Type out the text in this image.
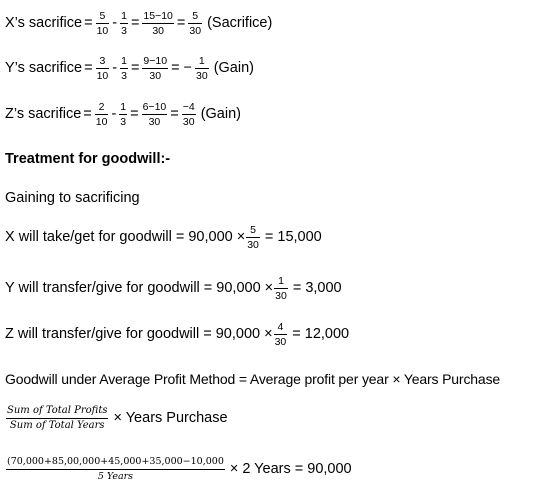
X’s sacrifice = $\frac{5}{10} - \frac{1}{3} = \frac{15-10}{30} = \frac{5}{30}$ (Sacrifice)
Y’s sacrifice = $\frac{3}{10} - \frac{1}{3} = \frac{9-10}{30}$ = − $\frac{1}{30}$ (Gain)
Z’s sacrifice = $\frac{2}{10} - \frac{1}{3} = \frac{6-10}{30} = \frac{-4}{30}$ (Gain)
Treatment for goodwill:-
Gaining to sacrificing
X will take/get for goodwill = $90,000 \times \frac{5}{30} = 15,000$
Y will transfer/give for goodwill = $90,000 \times \frac{1}{30} = 3,000$
Z will transfer/give for goodwill = $90,000 \times \frac{4}{30} = 12,000$
Goodwill under Average Profit Method = Average profit per year × Years Purchase
$\frac{\text{Sum of Total Profits}}{\text{Sum of Total Years}}$ × Years Purchase
$\frac{(70,000+85,00,000+45,000+35,000-10,000}{\text{5 Years}} \times 2$ Years = 90,000
